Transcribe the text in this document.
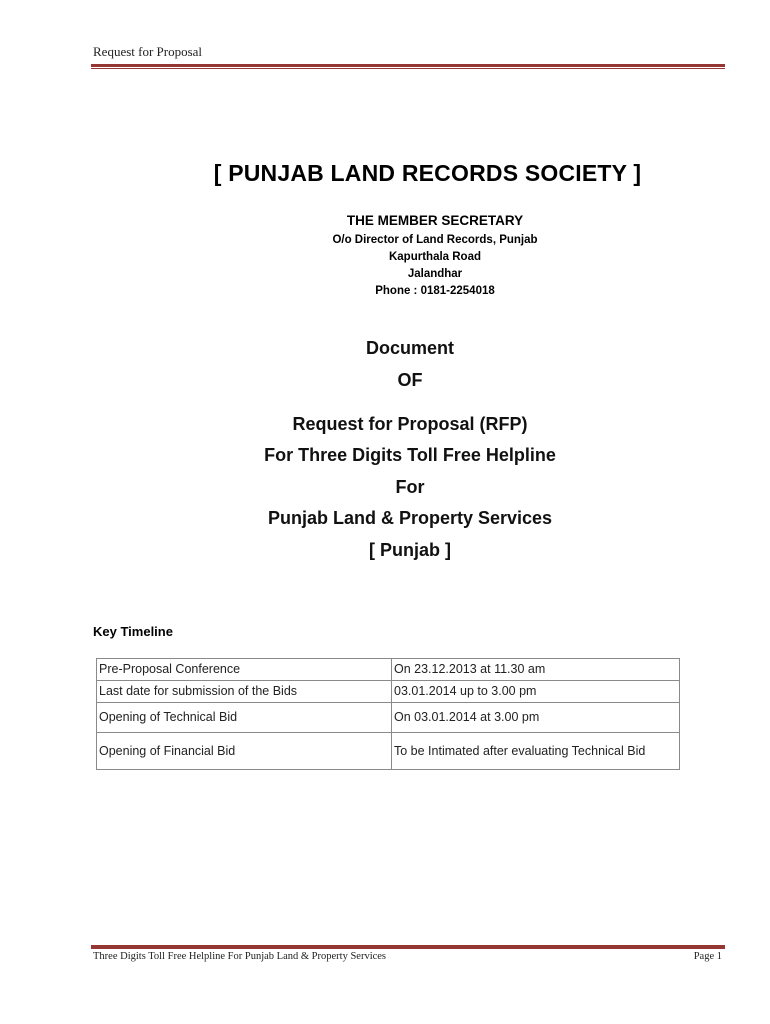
Request for Proposal
[ PUNJAB LAND RECORDS SOCIETY ]
THE MEMBER SECRETARY
O/o Director of Land Records, Punjab
Kapurthala Road
Jalandhar
Phone : 0181-2254018
Document
OF
Request for Proposal (RFP)
For Three Digits Toll Free Helpline
For
Punjab Land & Property Services
[ Punjab ]
Key Timeline
Pre-Proposal Conference	On 23.12.2013 at 11.30 am
Last date for submission of the Bids	03.01.2014 up to 3.00 pm
Opening of Technical Bid	On 03.01.2014 at 3.00 pm
Opening of Financial Bid	To be Intimated after evaluating Technical Bid
Three Digits Toll Free Helpline For Punjab Land & Property Services	Page 1
